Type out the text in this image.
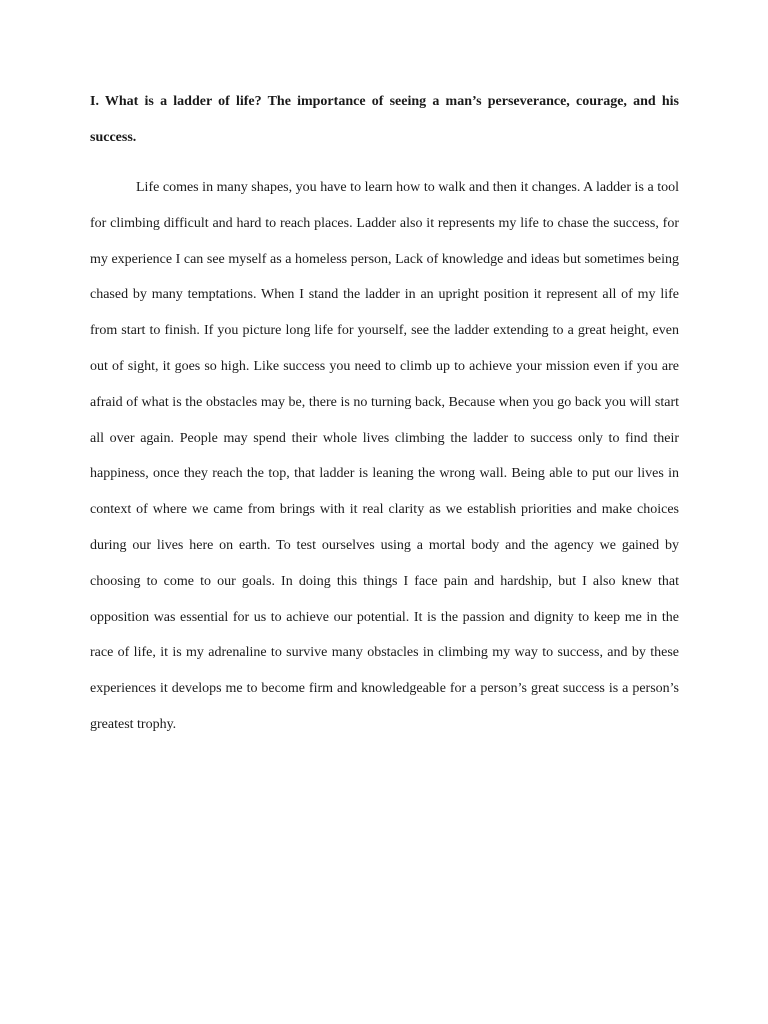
I. What is a ladder of life? The importance of seeing a man’s perseverance, courage, and his success.

Life comes in many shapes, you have to learn how to walk and then it changes. A ladder is a tool for climbing difficult and hard to reach places. Ladder also it represents my life to chase the success, for my experience I can see myself as a homeless person, Lack of knowledge and ideas but sometimes being chased by many temptations. When I stand the ladder in an upright position it represent all of my life from start to finish. If you picture long life for yourself, see the ladder extending to a great height, even out of sight, it goes so high. Like success you need to climb up to achieve your mission even if you are afraid of what is the obstacles may be, there is no turning back, Because when you go back you will start all over again. People may spend their whole lives climbing the ladder to success only to find their happiness, once they reach the top, that ladder is leaning the wrong wall. Being able to put our lives in context of where we came from brings with it real clarity as we establish priorities and make choices during our lives here on earth. To test ourselves using a mortal body and the agency we gained by choosing to come to our goals. In doing this things I face pain and hardship, but I also knew that opposition was essential for us to achieve our potential. It is the passion and dignity to keep me in the race of life, it is my adrenaline to survive many obstacles in climbing my way to success, and by these experiences it develops me to become firm and knowledgeable for a person’s great success is a person’s greatest trophy.
